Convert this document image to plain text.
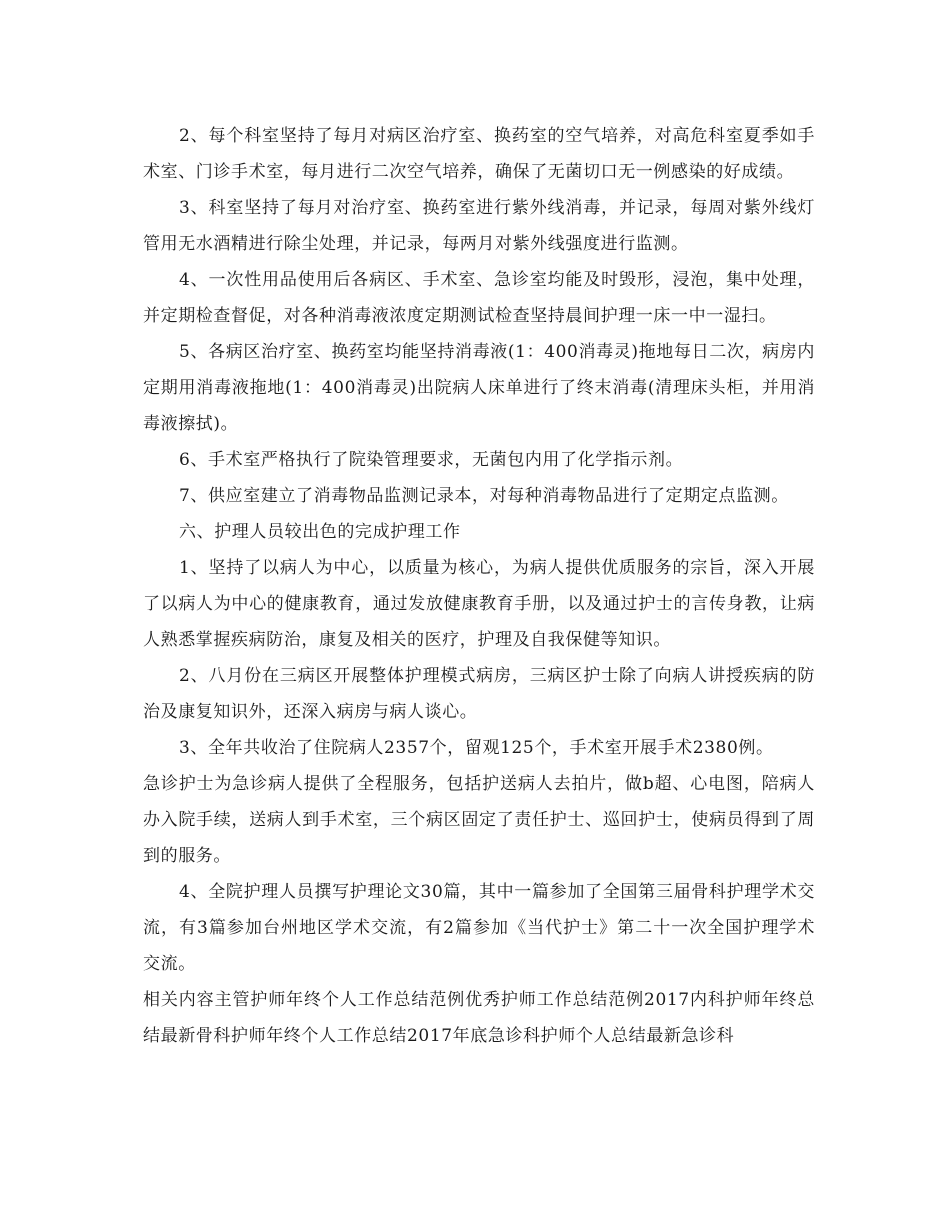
2、每个科室坚持了每月对病区治疗室、换药室的空气培养，对高危科室夏季如手术室、门诊手术室，每月进行二次空气培养，确保了无菌切口无一例感染的好成绩。

3、科室坚持了每月对治疗室、换药室进行紫外线消毒，并记录，每周对紫外线灯管用无水酒精进行除尘处理，并记录，每两月对紫外线强度进行监测。

4、一次性用品使用后各病区、手术室、急诊室均能及时毁形，浸泡，集中处理，并定期检查督促，对各种消毒液浓度定期测试检查坚持晨间护理一床一中一湿扫。

5、各病区治疗室、换药室均能坚持消毒液(1：400消毒灵)拖地每日二次，病房内定期用消毒液拖地(1：400消毒灵)出院病人床单进行了终末消毒(清理床头柜，并用消毒液擦拭)。

6、手术室严格执行了院染管理要求，无菌包内用了化学指示剂。

7、供应室建立了消毒物品监测记录本，对每种消毒物品进行了定期定点监测。

六、护理人员较出色的完成护理工作

1、坚持了以病人为中心，以质量为核心，为病人提供优质服务的宗旨，深入开展了以病人为中心的健康教育，通过发放健康教育手册，以及通过护士的言传身教，让病人熟悉掌握疾病防治，康复及相关的医疗，护理及自我保健等知识。

2、八月份在三病区开展整体护理模式病房，三病区护士除了向病人讲授疾病的防治及康复知识外，还深入病房与病人谈心。

3、全年共收治了住院病人2357个，留观125个，手术室开展手术2380例。

急诊护士为急诊病人提供了全程服务，包括护送病人去拍片，做b超、心电图，陪病人办入院手续，送病人到手术室，三个病区固定了责任护士、巡回护士，使病员得到了周到的服务。

4、全院护理人员撰写护理论文30篇，其中一篇参加了全国第三届骨科护理学术交流，有3篇参加台州地区学术交流，有2篇参加《当代护士》第二十一次全国护理学术交流。

相关内容主管护师年终个人工作总结范例优秀护师工作总结范例2017内科护师年终总结最新骨科护师年终个人工作总结2017年底急诊科护师个人总结最新急诊科
